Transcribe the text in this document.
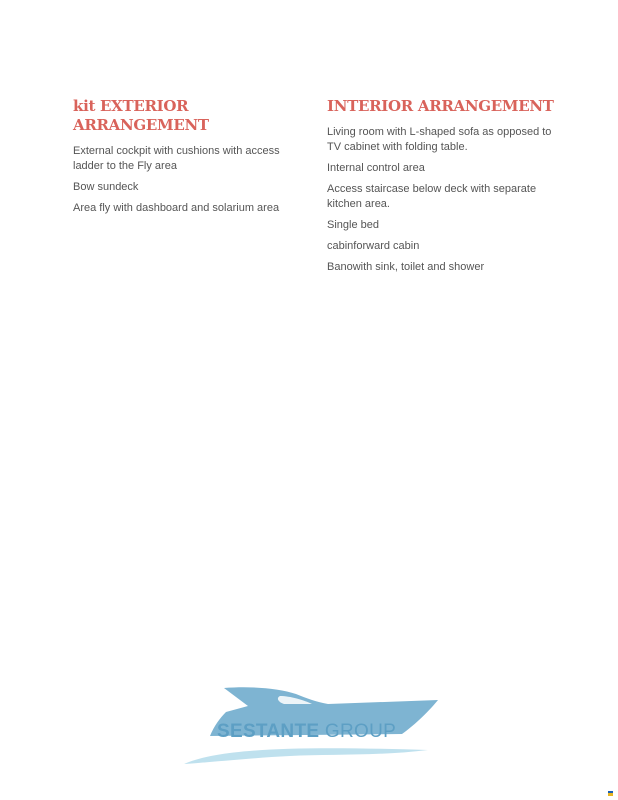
kit EXTERIOR ARRANGEMENT

External cockpit with cushions with access ladder to the Fly area

Bow sundeck

Area fly with dashboard and solarium area

INTERIOR ARRANGEMENT

Living room with L-shaped sofa as opposed to TV cabinet with folding table.

Internal control area

Access staircase below deck with separate kitchen area.

Single bed

cabinforward cabin

Banowith sink, toilet and shower

SESTANTE GROUP
